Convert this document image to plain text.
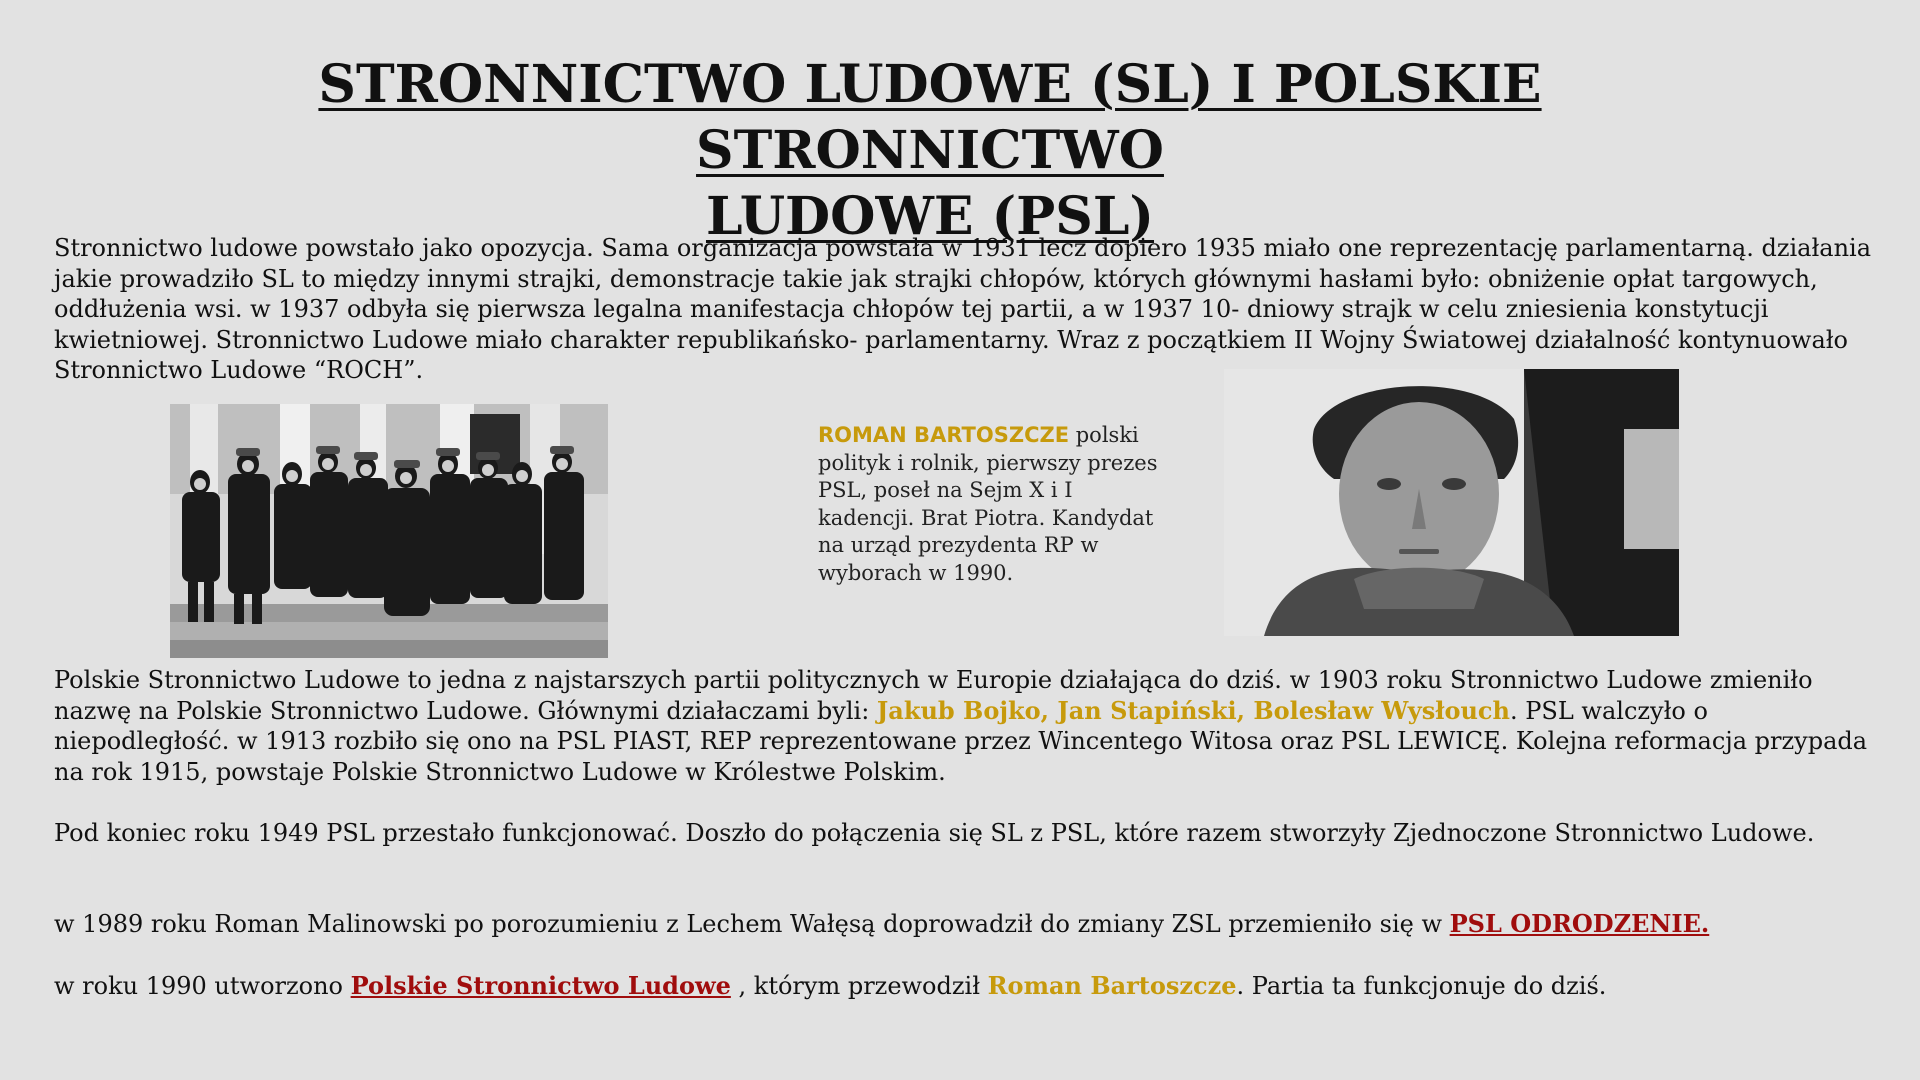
STRONNICTWO LUDOWE (SL) I POLSKIE STRONNICTWO
LUDOWE (PSL)

Stronnictwo ludowe powstało jako opozycja. Sama organizacja powstała w 1931 lecz dopiero 1935 miało one reprezentację parlamentarną. działania jakie prowadziło SL to między innymi strajki, demonstracje takie jak strajki chłopów, których głównymi hasłami było: obniżenie opłat targowych, oddłużenia wsi. w 1937 odbyła się pierwsza legalna manifestacja chłopów tej partii, a w 1937 10- dniowy strajk w celu zniesienia konstytucji kwietniowej. Stronnictwo Ludowe miało charakter republikańsko- parlamentarny. Wraz z początkiem II Wojny Światowej działalność kontynuowało Stronnictwo Ludowe “ROCH”.

ROMAN BARTOSZCZE polski polityk i rolnik, pierwszy prezes PSL, poseł na Sejm X i I kadencji. Brat Piotra. Kandydat na urząd prezydenta RP w wyborach w 1990.

Polskie Stronnictwo Ludowe to jedna z najstarszych partii politycznych w Europie działająca do dziś. w 1903 roku Stronnictwo Ludowe zmieniło nazwę na Polskie Stronnictwo Ludowe. Głównymi działaczami byli: Jakub Bojko, Jan Stapiński, Bolesław Wysłouch. PSL walczyło o niepodległość. w 1913 rozbiło się ono na PSL PIAST, REP reprezentowane przez Wincentego Witosa oraz PSL LEWICĘ. Kolejna reformacja przypada na rok 1915, powstaje Polskie Stronnictwo Ludowe w Królestwe Polskim.

Pod koniec roku 1949 PSL przestało funkcjonować. Doszło do połączenia się SL z PSL, które razem stworzyły Zjednoczone Stronnictwo Ludowe.

w 1989 roku Roman Malinowski po porozumieniu z Lechem Wałęsą doprowadził do zmiany ZSL przemieniło się w PSL ODRODZENIE.

w roku 1990 utworzono Polskie Stronnictwo Ludowe , którym przewodził Roman Bartoszcze. Partia ta funkcjonuje do dziś.
